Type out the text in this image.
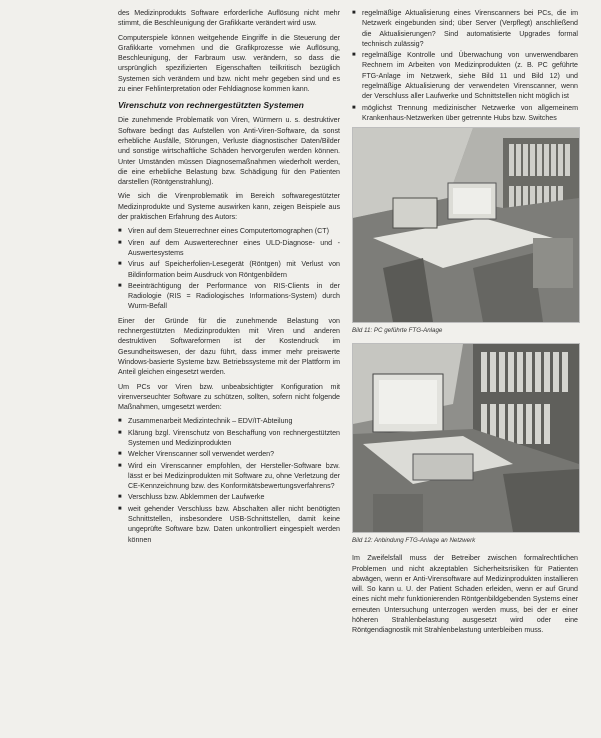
des Medizinprodukts Software erforderliche Auflösung nicht mehr stimmt, die Beschleunigung der Grafikkarte verändert wird usw.

Computerspiele können weitgehende Eingriffe in die Steuerung der Grafikkarte vornehmen und die Grafikprozesse wie Auflösung, Beschleunigung, der Farbraum usw. verändern, so dass die ursprünglich spezifizierten Eigenschaften teilkritisch bezüglich Systemen sich verändern und bzw. nicht mehr gegeben sind und es zu einer Fehlinterpretation oder Fehldiagnose kommen kann.

Virenschutz von rechnergestützten Systemen

Die zunehmende Problematik von Viren, Würmern u. s. destruktiver Software bedingt das Aufstellen von Anti-Viren-Software, da sonst erhebliche Ausfälle, Störungen, Verluste diagnostischer Daten/Bilder und sonstige wirtschaftliche Schäden hervorgerufen werden können. Unter Umständen müssen Diagnosemaßnahmen wiederholt werden, die eine erhebliche Belastung bzw. Schädigung für den Patienten darstellen (Röntgenstrahlung).

Wie sich die Virenproblematik im Bereich softwaregestützter Medizinprodukte und Systeme auswirken kann, zeigen Beispiele aus der praktischen Erfahrung des Autors:

■ Viren auf dem Steuerrechner eines Computertomographen (CT)
■ Viren auf dem Auswerterechner eines ULD-Diagnose- und -Auswertesystems
■ Virus auf Speicherfolien-Lesegerät (Röntgen) mit Verlust von Bildinformation beim Ausdruck von Röntgenbildern
■ Beeinträchtigung der Performance von RIS-Clients in der Radiologie (RIS = Radiologisches Informations-System) durch Wurm-Befall

Einer der Gründe für die zunehmende Belastung von rechnergestützten Medizinprodukten mit Viren und anderen destruktiven Softwareformen ist der Kostendruck im Gesundheitswesen, der dazu führt, dass immer mehr preiswerte Windows-basierte Systeme bzw. Betriebssysteme mit der Plattform im Anteil gleichen eingesetzt werden.

Um PCs vor Viren bzw. unbeabsichtigter Konfiguration mit virenverseuchter Software zu schützen, sollten, sofern nicht folgende Maßnahmen, umgesetzt werden:

■ Zusammenarbeit Medizintechnik – EDV/IT-Abteilung
■ Klärung bzgl. Virenschutz von Beschaffung von rechnergestützten Systemen und Medizinprodukten
■ Welcher Virenscanner soll verwendet werden?
■ Wird ein Virenscanner empfohlen, der Hersteller-Software bzw. lässt er bei Medizinprodukten mit Software zu, ohne Verletzung der CE-Kennzeichnung bzw. des Konformitätsbewertungsverfahrens?
■ Verschluss bzw. Abklemmen der Laufwerke
■ weit gehender Verschluss bzw. Abschalten aller nicht benötigten Schnittstellen, insbesondere USB-Schnittstellen, damit keine ungeprüfte Software bzw. Daten unkontrolliert eingespielt werden können
■ regelmäßige Aktualisierung eines Virenscanners bei PCs, die im Netzwerk eingebunden sind; über Server (Verpflegt) anschließend die Aktualisierungen? Sind automatisierte Upgrades formal technisch zulässig?
■ regelmäßige Kontrolle und Überwachung von unverwendbaren Rechnern im Arbeiten von Medizinprodukten (z. B. PC geführte FTG-Anlage im Netzwerk, siehe Bild 11 und Bild 12) und regelmäßige Aktualisierung der verwendeten Virenscanner, wenn der Verschluss aller Laufwerke und Schnittstellen nicht möglich ist
■ möglichst Trennung medizinischer Netzwerke von allgemeinem Krankenhaus-Netzwerken über getrennte Hubs bzw. Switches
Bild 11: PC geführte FTG-Anlage
Bild 12: Anbindung FTG-Anlage an Netzwerk

Im Zweifelsfall muss der Betreiber zwischen formalrechtlichen Problemen und nicht akzeptablen Sicherheitsrisiken für Patienten abwägen, wenn er Anti-Virensoftware auf Medizinprodukten installieren will. So kann u. U. der Patient Schaden erleiden, wenn er auf Grund eines nicht mehr funktionierenden Röntgenbildgebenden Systems einer erneuten Untersuchung unterzogen werden muss, bei der er einer höheren Strahlenbelastung ausgesetzt wird oder eine Röntgendiagnostik mit Strahlenbelastung unterbleiben muss.
